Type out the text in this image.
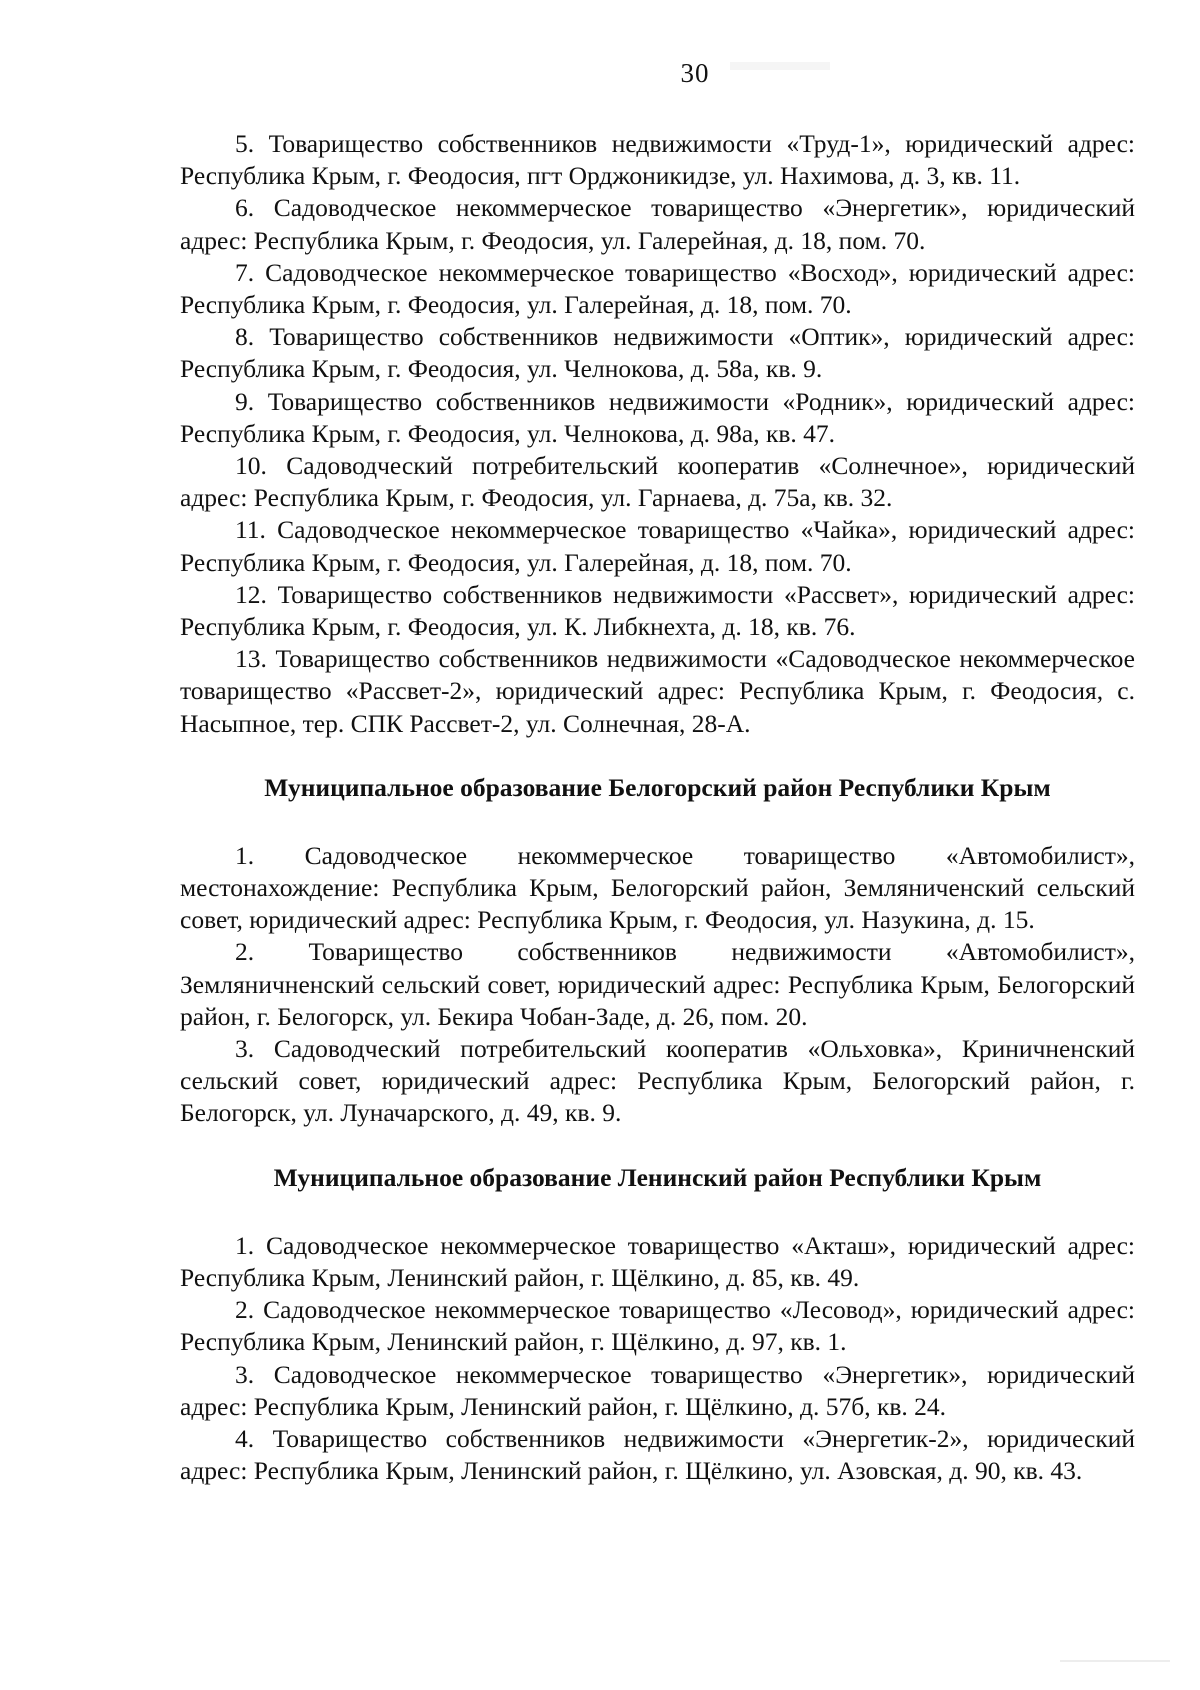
30

5. Товарищество собственников недвижимости «Труд-1», юридический адрес: Республика Крым, г. Феодосия, пгт Орджоникидзе, ул. Нахимова, д. 3, кв. 11.

6. Садоводческое некоммерческое товарищество «Энергетик», юридический адрес: Республика Крым, г. Феодосия, ул. Галерейная, д. 18, пом. 70.

7. Садоводческое некоммерческое товарищество «Восход», юридический адрес: Республика Крым, г. Феодосия, ул. Галерейная, д. 18, пом. 70.

8. Товарищество собственников недвижимости «Оптик», юридический адрес: Республика Крым, г. Феодосия, ул. Челнокова, д. 58а, кв. 9.

9. Товарищество собственников недвижимости «Родник», юридический адрес: Республика Крым, г. Феодосия, ул. Челнокова, д. 98а, кв. 47.

10. Садоводческий потребительский кооператив «Солнечное», юридический адрес: Республика Крым, г. Феодосия, ул. Гарнаева, д. 75а, кв. 32.

11. Садоводческое некоммерческое товарищество «Чайка», юридический адрес: Республика Крым, г. Феодосия, ул. Галерейная, д. 18, пом. 70.

12. Товарищество собственников недвижимости «Рассвет», юридический адрес: Республика Крым, г. Феодосия, ул. К. Либкнехта, д. 18, кв. 76.

13. Товарищество собственников недвижимости «Садоводческое некоммерческое товарищество «Рассвет-2», юридический адрес: Республика Крым, г. Феодосия, с. Насыпное, тер. СПК Рассвет-2, ул. Солнечная, 28-А.

Муниципальное образование Белогорский район Республики Крым

1. Садоводческое некоммерческое товарищество «Автомобилист», местонахождение: Республика Крым, Белогорский район, Земляниченский сельский совет, юридический адрес: Республика Крым, г. Феодосия, ул. Назукина, д. 15.

2. Товарищество собственников недвижимости «Автомобилист», Земляничненский сельский совет, юридический адрес: Республика Крым, Белогорский район, г. Белогорск, ул. Бекира Чобан-Заде, д. 26, пом. 20.

3. Садоводческий потребительский кооператив «Ольховка», Криничненский сельский совет, юридический адрес: Республика Крым, Белогорский район, г. Белогорск, ул. Луначарского, д. 49, кв. 9.

Муниципальное образование Ленинский район Республики Крым

1. Садоводческое некоммерческое товарищество «Акташ», юридический адрес: Республика Крым, Ленинский район, г. Щёлкино, д. 85, кв. 49.

2. Садоводческое некоммерческое товарищество «Лесовод», юридический адрес: Республика Крым, Ленинский район, г. Щёлкино, д. 97, кв. 1.

3. Садоводческое некоммерческое товарищество «Энергетик», юридический адрес: Республика Крым, Ленинский район, г. Щёлкино, д. 57б, кв. 24.

4. Товарищество собственников недвижимости «Энергетик-2», юридический адрес: Республика Крым, Ленинский район, г. Щёлкино, ул. Азовская, д. 90, кв. 43.
